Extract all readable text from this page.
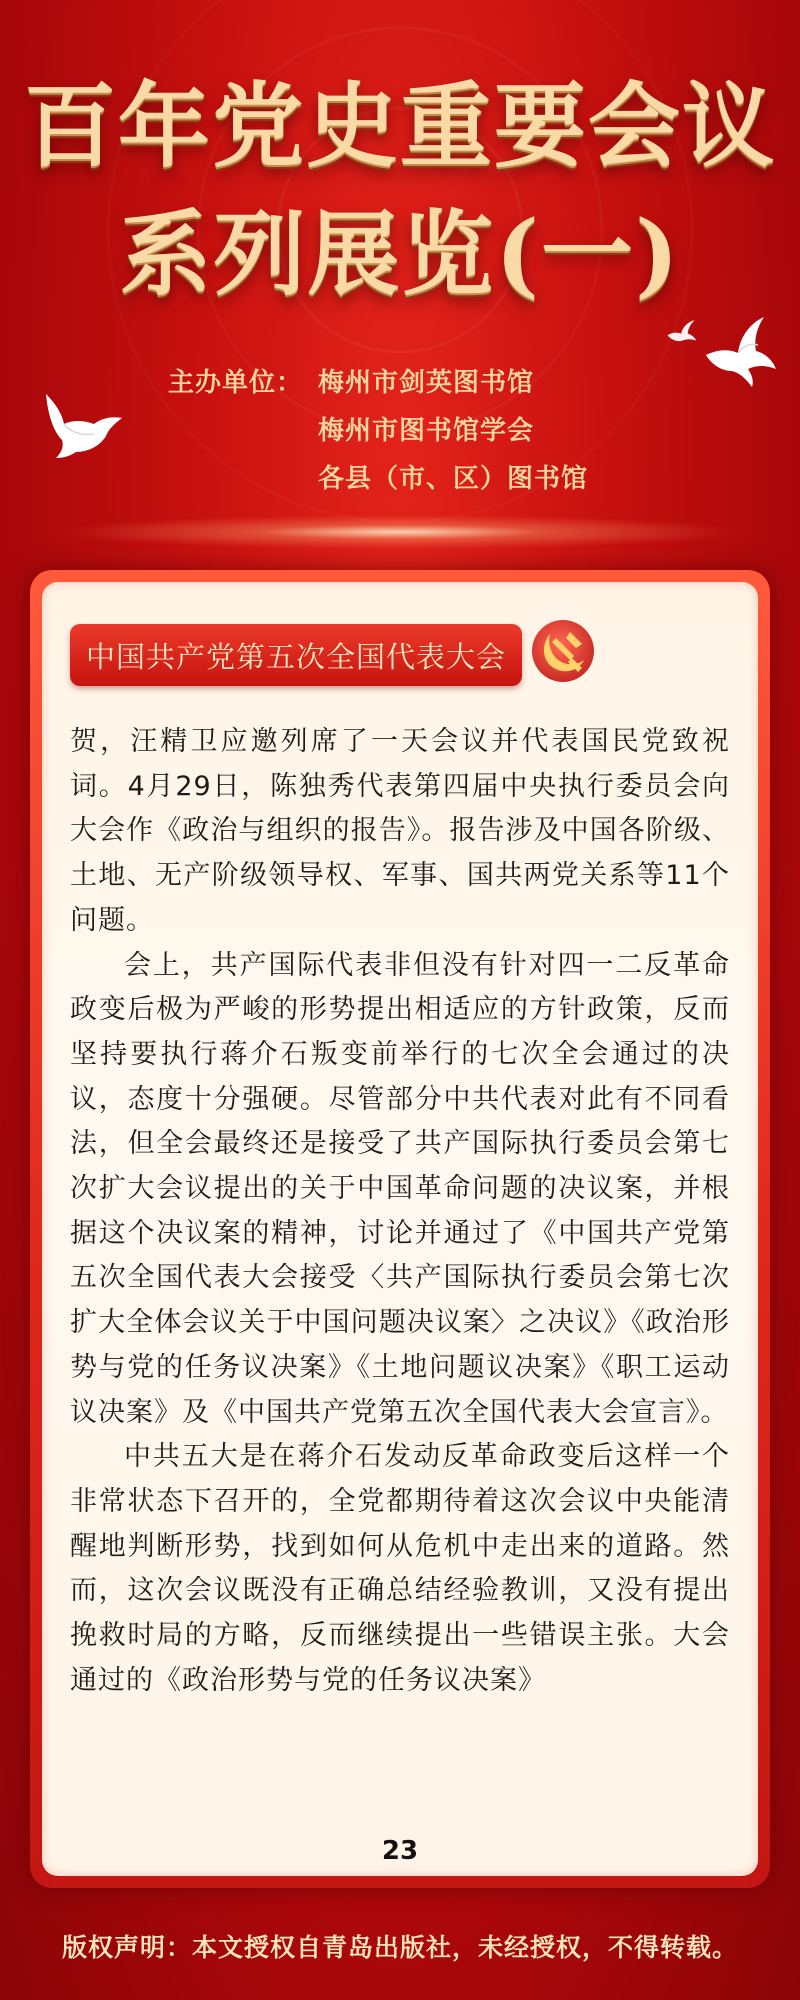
百年党史重要会议
系列展览(一)
主办单位： 梅州市剑英图书馆
梅州市图书馆学会
各县（市、区）图书馆
中国共产党第五次全国代表大会

贺，汪精卫应邀列席了一天会议并代表国民党致祝词。4月29日，陈独秀代表第四届中央执行委员会向大会作《政治与组织的报告》。报告涉及中国各阶级、土地、无产阶级领导权、军事、国共两党关系等11个问题。

会上，共产国际代表非但没有针对四一二反革命政变后极为严峻的形势提出相适应的方针政策，反而坚持要执行蒋介石叛变前举行的七次全会通过的决议，态度十分强硬。尽管部分中共代表对此有不同看法，但全会最终还是接受了共产国际执行委员会第七次扩大会议提出的关于中国革命问题的决议案，并根据这个决议案的精神，讨论并通过了《中国共产党第五次全国代表大会接受〈共产国际执行委员会第七次扩大全体会议关于中国问题决议案〉之决议》《政治形势与党的任务议决案》《土地问题议决案》《职工运动议决案》及《中国共产党第五次全国代表大会宣言》。

中共五大是在蒋介石发动反革命政变后这样一个非常状态下召开的，全党都期待着这次会议中央能清醒地判断形势，找到如何从危机中走出来的道路。然而，这次会议既没有正确总结经验教训，又没有提出挽救时局的方略，反而继续提出一些错误主张。大会通过的《政治形势与党的任务议决案》

23
版权声明：本文授权自青岛出版社，未经授权，不得转载。
